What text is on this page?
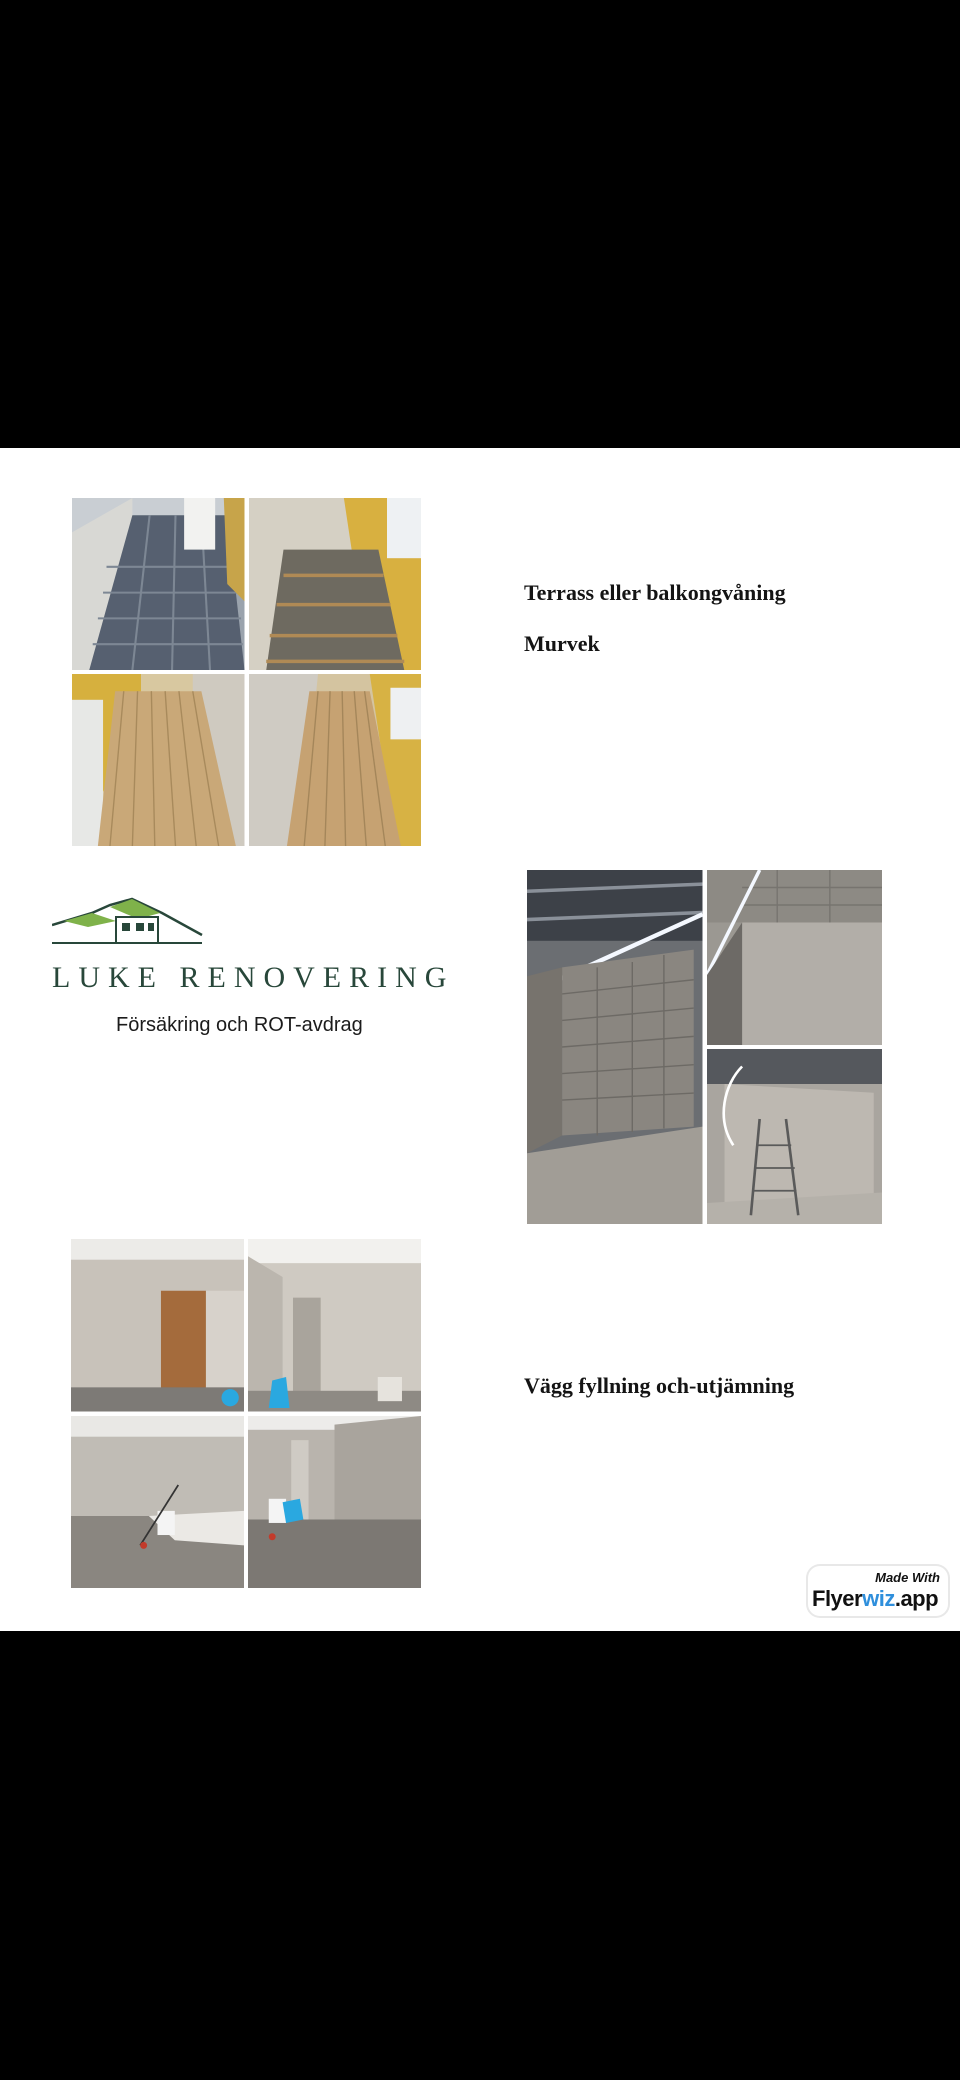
Terrass eller balkongvåning
Murvek
LUKE RENOVERING
Försäkring och ROT-avdrag
Vägg fyllning och-utjämning
Made With
Flyerwiz.app
